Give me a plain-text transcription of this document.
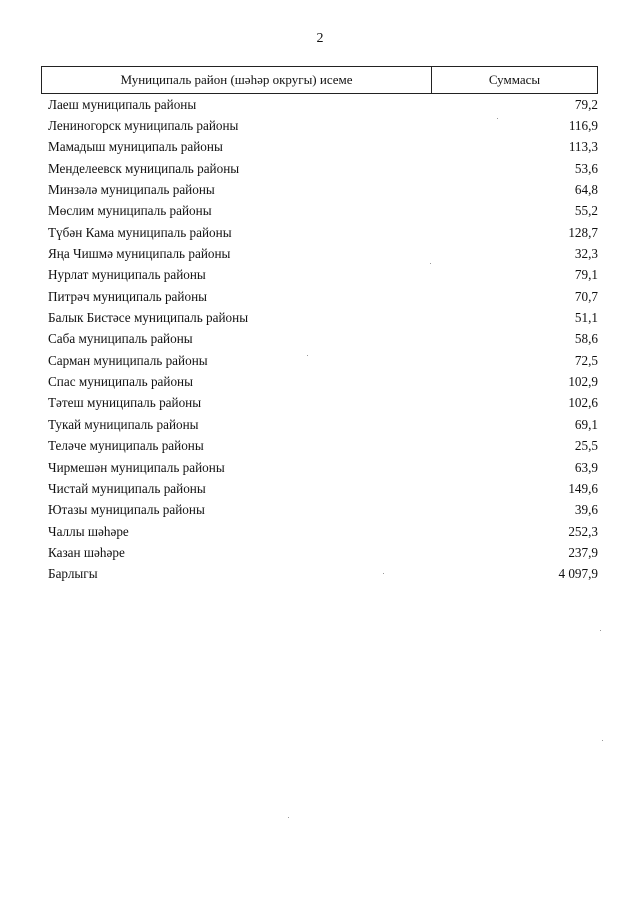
2
Муниципаль район (шәһәр округы) исеме	Суммасы
Лаеш муниципаль районы	79,2
Лениногорск муниципаль районы	116,9
Мамадыш муниципаль районы	113,3
Менделеевск муниципаль районы	53,6
Минзәлә муниципаль районы	64,8
Мөслим муниципаль районы	55,2
Түбән Кама муниципаль районы	128,7
Яңа Чишмә муниципаль районы	32,3
Нурлат муниципаль районы	79,1
Питрәч муниципаль районы	70,7
Балык Бистәсе муниципаль районы	51,1
Саба муниципаль районы	58,6
Сарман муниципаль районы	72,5
Спас муниципаль районы	102,9
Тәтеш муниципаль районы	102,6
Тукай муниципаль районы	69,1
Теләче муниципаль районы	25,5
Чирмешән муниципаль районы	63,9
Чистай муниципаль районы	149,6
Ютазы муниципаль районы	39,6
Чаллы шәһәре	252,3
Казан шәһәре	237,9
Барлыгы	4 097,9
